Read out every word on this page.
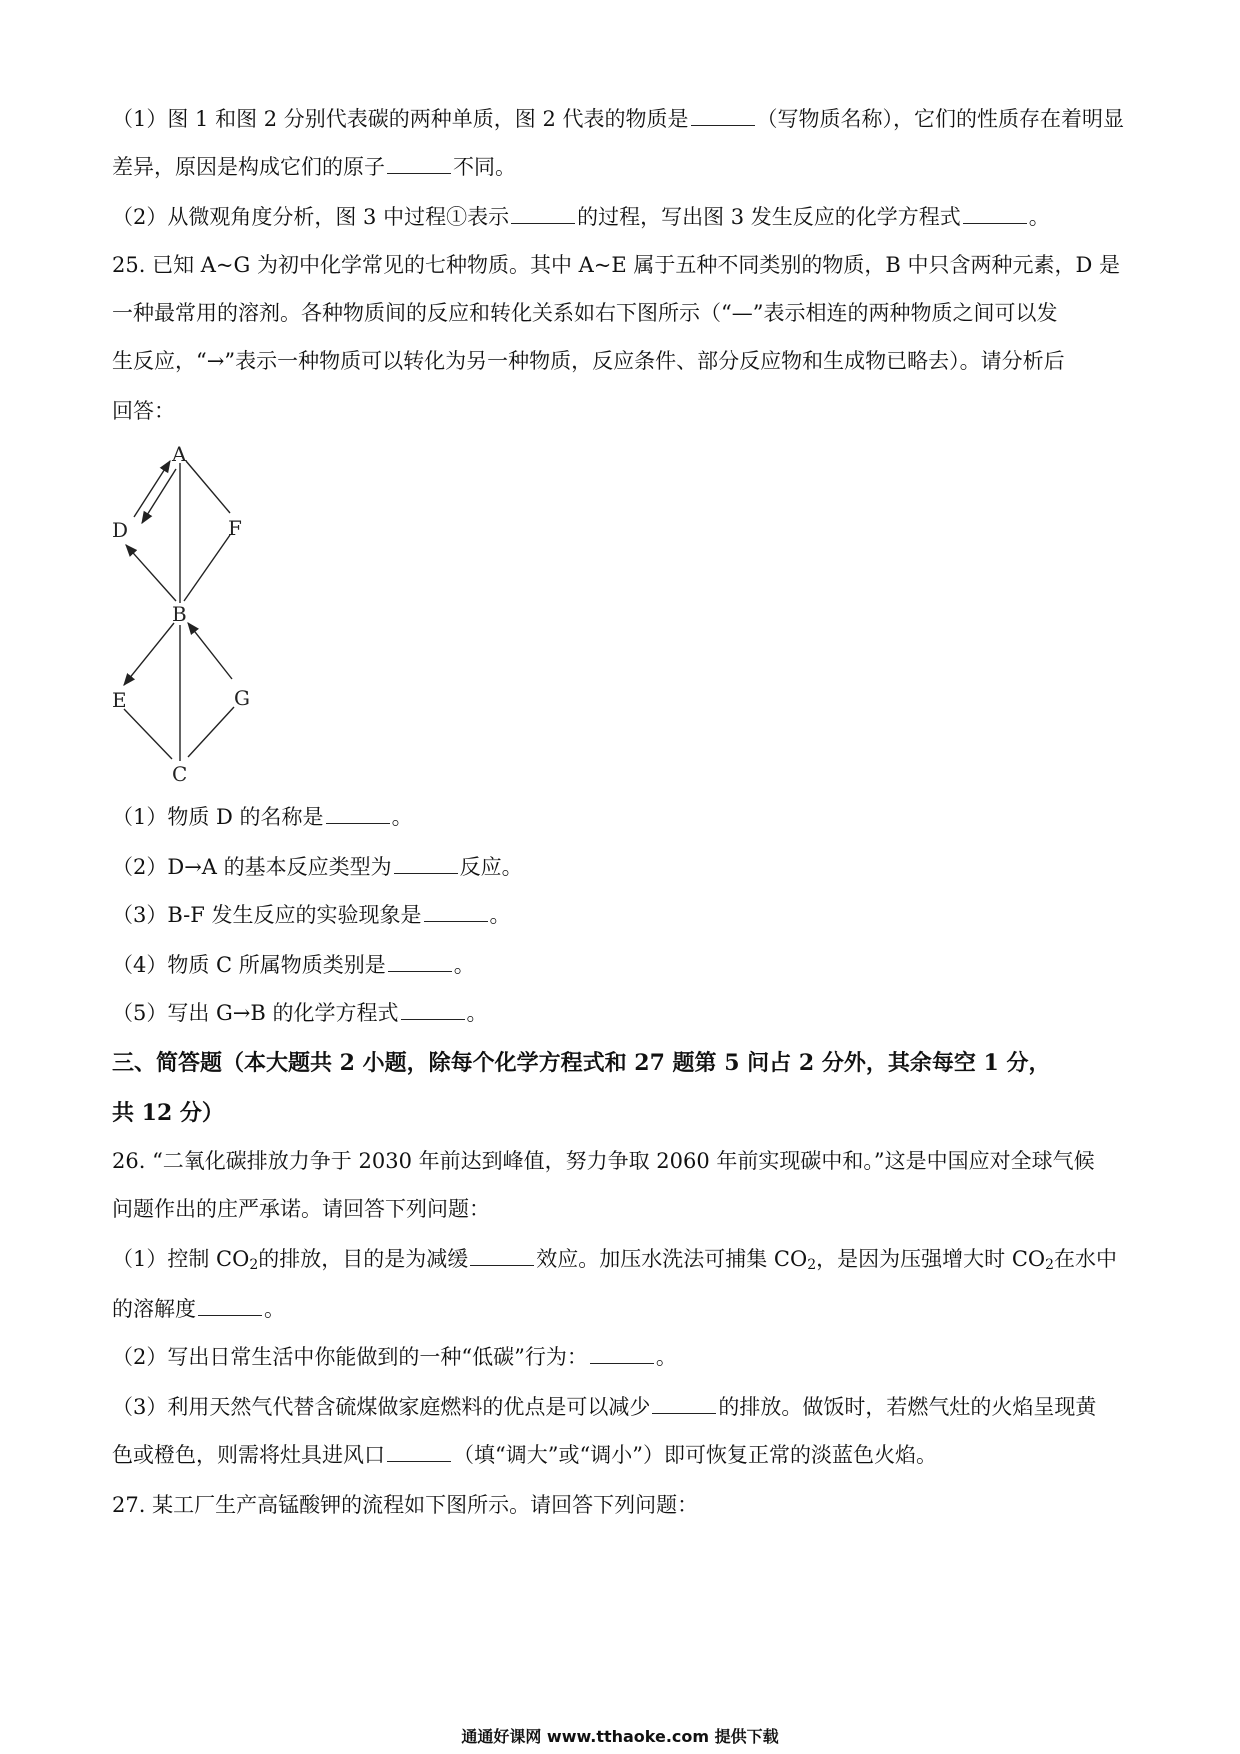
（1）图 1 和图 2 分别代表碳的两种单质，图 2 代表的物质是	（写物质名称），它们的性质存在着明显
差异，原因是构成它们的原子	不同。
（2）从微观角度分析，图 3 中过程①表示	的过程，写出图 3 发生反应的化学方程式	。
25. 已知 A~G 为初中化学常见的七种物质。其中 A~E 属于五种不同类别的物质，B 中只含两种元素，D 是
一种最常用的溶剂。各种物质间的反应和转化关系如右下图所示（“—”表示相连的两种物质之间可以发
生反应，“→”表示一种物质可以转化为另一种物质，反应条件、部分反应物和生成物已略去）。请分析后
回答：
A
D	F
B
E	G
C
（1）物质 D 的名称是	。
（2）D→A 的基本反应类型为	反应。
（3）B-F 发生反应的实验现象是	。
（4）物质 C 所属物质类别是	。
（5）写出 G→B 的化学方程式	。
三、简答题（本大题共 2 小题，除每个化学方程式和 27 题第 5 问占 2 分外，其余每空 1 分，
共 12 分）
26. “二氧化碳排放力争于 2030 年前达到峰值，努力争取 2060 年前实现碳中和。”这是中国应对全球气候
问题作出的庄严承诺。请回答下列问题：
（1）控制 $CO_2$的排放，目的是为减缓	效应。加压水洗法可捕集 $CO_2$，是因为压强增大时 $CO_2$在水中
的溶解度	。
（2）写出日常生活中你能做到的一种“低碳”行为：	。
（3）利用天然气代替含硫煤做家庭燃料的优点是可以减少	的排放。做饭时，若燃气灶的火焰呈现黄
色或橙色，则需将灶具进风口	（填“调大”或“调小”）即可恢复正常的淡蓝色火焰。
27. 某工厂生产高锰酸钾的流程如下图所示。请回答下列问题：
通通好课网 www.tthaoke.com 提供下载
